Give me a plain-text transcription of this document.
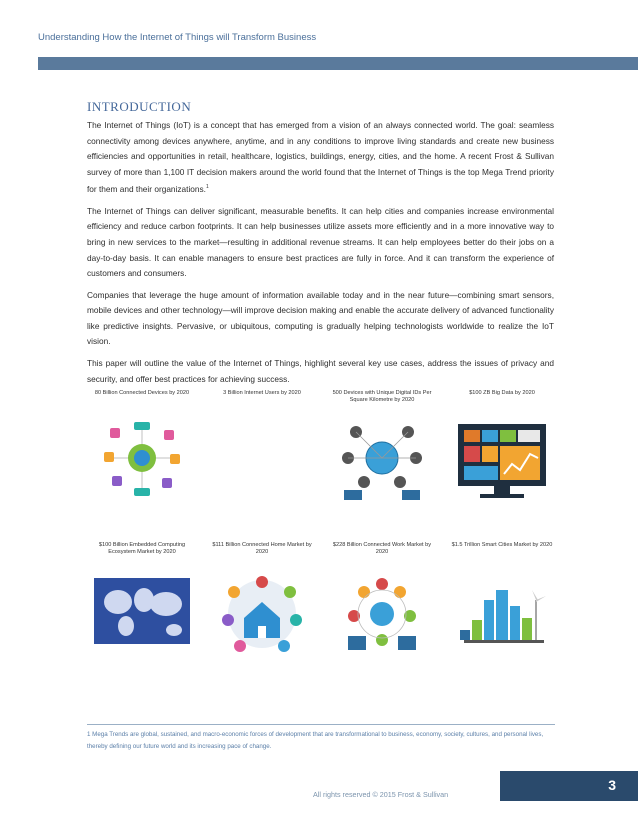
Understanding How the Internet of Things will Transform Business
INTRODUCTION

The Internet of Things (IoT) is a concept that has emerged from a vision of an always connected world. The goal: seamless connectivity among devices anywhere, anytime, and in any conditions to improve living standards and create new business efficiencies and opportunities in retail, healthcare, logistics, buildings, energy, cities, and the home. A recent Frost & Sullivan survey of more than 1,100 IT decision makers around the world found that the Internet of Things is the top Mega Trend priority for them and their organizations.$^1$

The Internet of Things can deliver significant, measurable benefits. It can help cities and companies increase environmental efficiency and reduce carbon footprints. It can help businesses utilize assets more efficiently and in a more innovative way to bring in new services to the market—resulting in additional revenue streams. It can help employees better do their jobs on a day-to-day basis. It can enable managers to ensure best practices are fully in force. And it can transform the experience of customers and consumers.

Companies that leverage the huge amount of information available today and in the near future—combining smart sensors, mobile devices and other technology—will improve decision making and enable the accurate delivery of advanced functionality like predictive insights. Pervasive, or ubiquitous, computing is gradually helping technologists worldwide to realize the IoT vision.

This paper will outline the value of the Internet of Things, highlight several key use cases, address the issues of privacy and security, and offer best practices for achieving success.

80 Billion Connected Devices by 2020	3 Billion Internet Users by 2020	500 Devices with Unique Digital IDs Per Square Kilometre by 2020
$100 ZB Big Data by 2020
$100 Billion Embedded Computing Ecosystem Market by 2020
$111 Billion Connected Home Market by 2020
$228 Billion Connected Work Market by 2020
$1.5 Trillion Smart Cities Market by 2020
1 Mega Trends are global, sustained, and macro-economic forces of development that are transformational to business, economy, society, cultures, and personal lives, thereby defining our future world and its increasing pace of change.
All rights reserved © 2015 Frost & Sullivan
3
